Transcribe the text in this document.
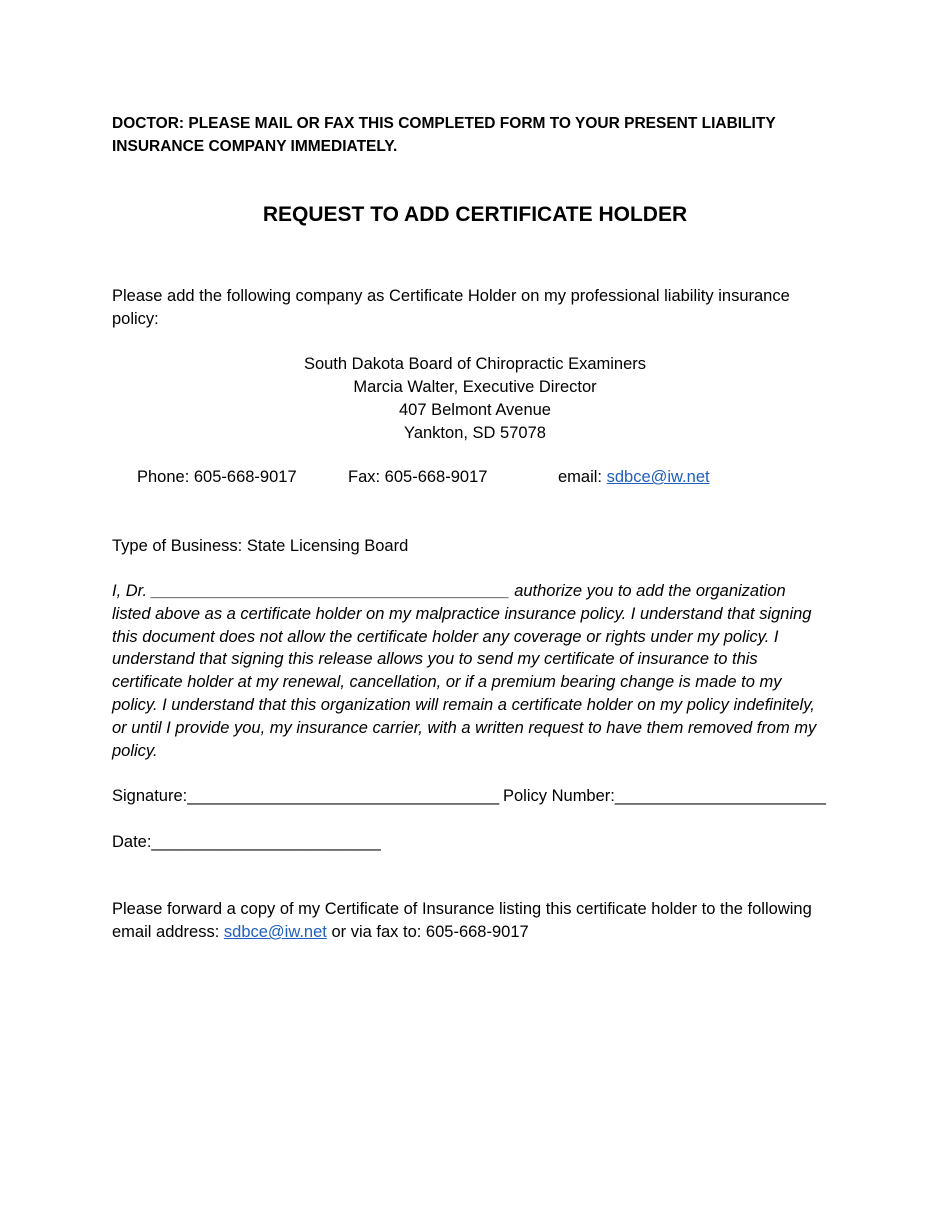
DOCTOR: PLEASE MAIL OR FAX THIS COMPLETED FORM TO YOUR PRESENT LIABILITY INSURANCE COMPANY IMMEDIATELY.
REQUEST TO ADD CERTIFICATE HOLDER
Please add the following company as Certificate Holder on my professional liability insurance policy:
South Dakota Board of Chiropractic Examiners
Marcia Walter, Executive Director
407 Belmont Avenue
Yankton, SD 57078
Phone: 605-668-9017	Fax: 605-668-9017	email: sdbce@iw.net
Type of Business: State Licensing Board
I, Dr. _______________________________________ authorize you to add the organization listed above as a certificate holder on my malpractice insurance policy. I understand that signing this document does not allow the certificate holder any coverage or rights under my policy. I understand that signing this release allows you to send my certificate of insurance to this certificate holder at my renewal, cancellation, or if a premium bearing change is made to my policy. I understand that this organization will remain a certificate holder on my policy indefinitely, or until I provide you, my insurance carrier, with a written request to have them removed from my policy.
Signature:__________________________________ Policy Number:_______________________
Date:_________________________
Please forward a copy of my Certificate of Insurance listing this certificate holder to the following email address: sdbce@iw.net or via fax to: 605-668-9017
